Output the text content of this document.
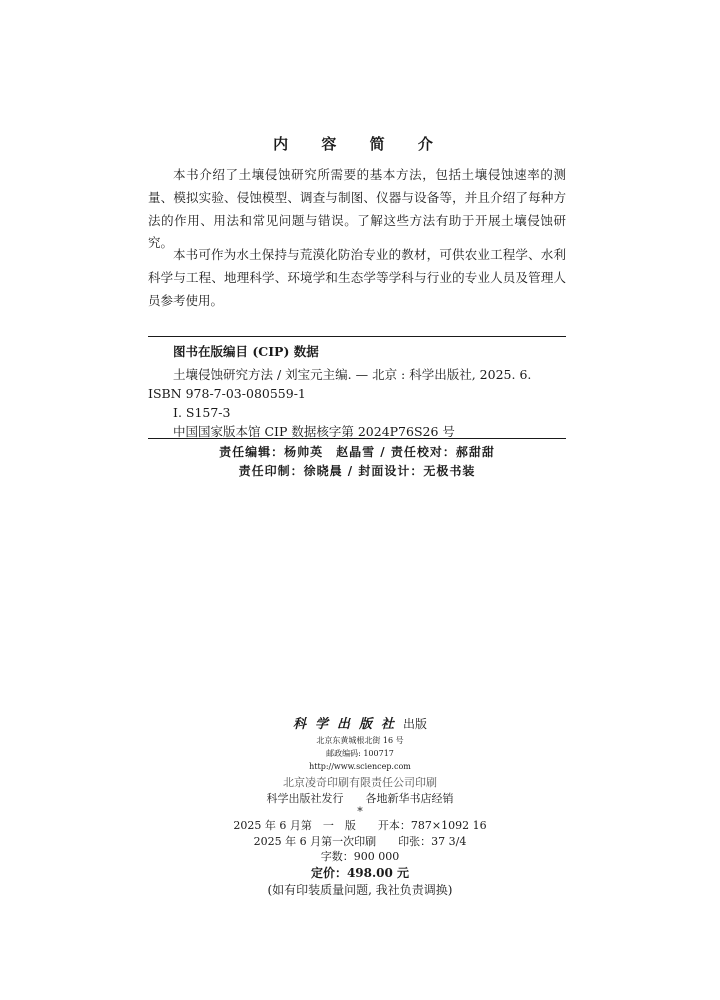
内 容 简 介

本书介绍了土壤侵蚀研究所需要的基本方法，包括土壤侵蚀速率的测量、模拟实验、侵蚀模型、调查与制图、仪器与设备等，并且介绍了每种方法的作用、用法和常见问题与错误。了解这些方法有助于开展土壤侵蚀研究。

本书可作为水土保持与荒漠化防治专业的教材，可供农业工程学、水利科学与工程、地理科学、环境学和生态学等学科与行业的专业人员及管理人员参考使用。

图书在版编目 (CIP) 数据
土壤侵蚀研究方法 / 刘宝元主编. — 北京 : 科学出版社, 2025. 6.
ISBN 978-7-03-080559-1
Ⅰ. S157-3
中国国家版本馆 CIP 数据核字第 2024P76S26 号
责任编辑：杨帅英　赵晶雪 / 责任校对：郝甜甜
责任印制：徐晓晨 / 封面设计：无极书装
科学出版社出版
北京东黄城根北街 16 号
邮政编码: 100717
http://www.sciencep.com
北京凌奇印刷有限责任公司印刷
科学出版社发行　　各地新华书店经销
*
2025 年 6 月第　一　版　　开本：787×1092 16
2025 年 6 月第一次印刷　　印张：37 3/4
字数：900 000
定价：498.00 元
(如有印装质量问题, 我社负责调换)
